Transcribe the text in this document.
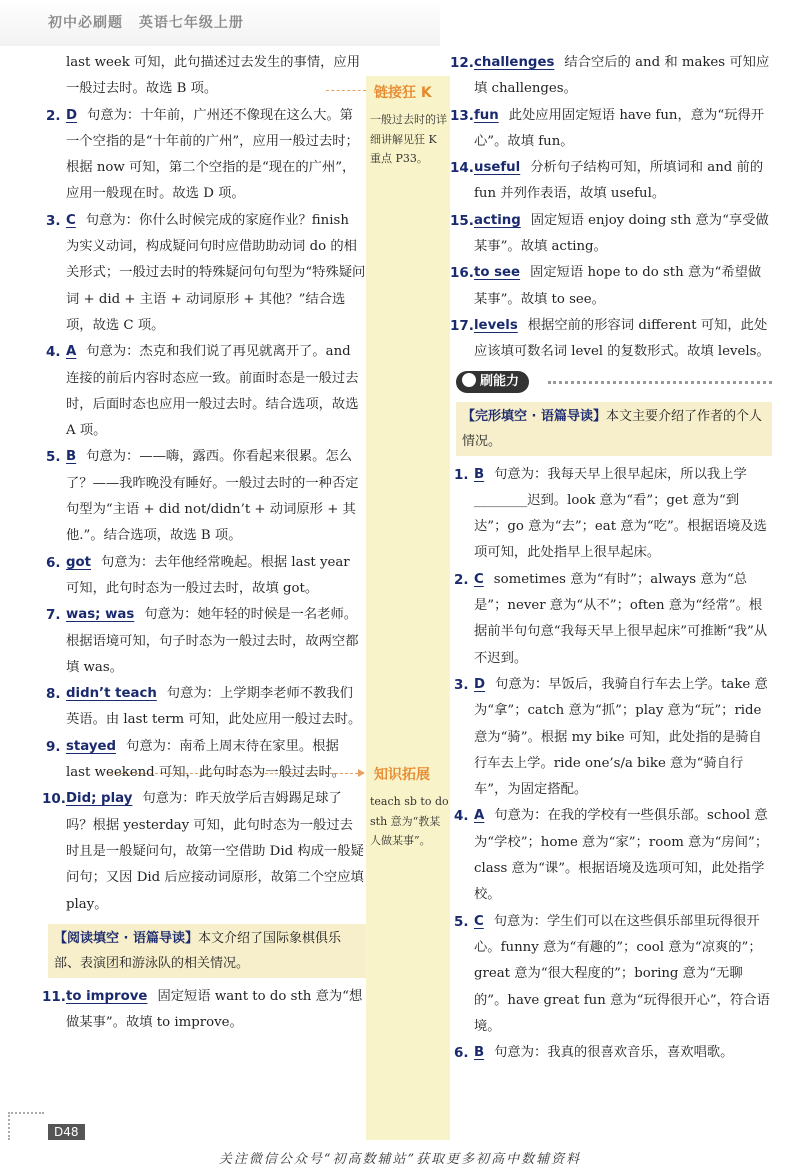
初中必刷题 英语七年级上册
链接狂 K
一般过去时的详细讲解见狂 K 重点 P33。
知识拓展
teach sb to do sth 意为“教某人做某事”。
last week 可知，此句描述过去发生的事情，应用一般过去时。故选 B 项。
2. D 句意为：十年前，广州还不像现在这么大。第一个空指的是“十年前的广州”，应用一般过去时；根据 now 可知，第二个空指的是“现在的广州”，应用一般现在时。故选 D 项。
3. C 句意为：你什么时候完成的家庭作业？finish 为实义动词，构成疑问句时应借助助动词 do 的相关形式；一般过去时的特殊疑问句句型为“特殊疑问词 + did + 主语 + 动词原形 + 其他？”结合选项，故选 C 项。
4. A 句意为：杰克和我们说了再见就离开了。and 连接的前后内容时态应一致。前面时态是一般过去时，后面时态也应用一般过去时。结合选项，故选 A 项。
5. B 句意为：——嗨，露西。你看起来很累。怎么了？——我昨晚没有睡好。一般过去时的一种否定句型为“主语 + did not/didn’t + 动词原形 + 其他.”。结合选项，故选 B 项。
6. got 句意为：去年他经常晚起。根据 last year 可知，此句时态为一般过去时，故填 got。
7. was; was 句意为：她年轻的时候是一名老师。根据语境可知，句子时态为一般过去时，故两空都填 was。
8. didn’t teach 句意为：上学期李老师不教我们英语。由 last term 可知，此处应用一般过去时。
9. stayed 句意为：南希上周末待在家里。根据 last weekend 可知，此句时态为一般过去时。
10. Did; play 句意为：昨天放学后吉姆踢足球了吗？根据 yesterday 可知，此句时态为一般过去时且是一般疑问句，故第一空借助 Did 构成一般疑问句；又因 Did 后应接动词原形，故第二个空应填 play。
【阅读填空 · 语篇导读】本文介绍了国际象棋俱乐部、表演团和游泳队的相关情况。
11. to improve 固定短语 want to do sth 意为“想做某事”。故填 to improve。
12. challenges 结合空后的 and 和 makes 可知应填 challenges。
13. fun 此处应用固定短语 have fun，意为“玩得开心”。故填 fun。
14. useful 分析句子结构可知，所填词和 and 前的 fun 并列作表语，故填 useful。
15. acting 固定短语 enjoy doing sth 意为“享受做某事”。故填 acting。
16. to see 固定短语 hope to do sth 意为“希望做某事”。故填 to see。
17. levels 根据空前的形容词 different 可知，此处应该填可数名词 level 的复数形式。故填 levels。
刷能力
【完形填空 · 语篇导读】本文主要介绍了作者的个人情况。
1. B 句意为：我每天早上很早起床，所以我上学________迟到。look 意为“看”；get 意为“到达”；go 意为“去”；eat 意为“吃”。根据语境及选项可知，此处指早上很早起床。
2. C sometimes 意为“有时”；always 意为“总是”；never 意为“从不”；often 意为“经常”。根据前半句句意“我每天早上很早起床”可推断“我”从不迟到。
3. D 句意为：早饭后，我骑自行车去上学。take 意为“拿”；catch 意为“抓”；play 意为“玩”；ride 意为“骑”。根据 my bike 可知，此处指的是骑自行车去上学。ride one’s/a bike 意为“骑自行车”，为固定搭配。
4. A 句意为：在我的学校有一些俱乐部。school 意为“学校”；home 意为“家”；room 意为“房间”；class 意为“课”。根据语境及选项可知，此处指学校。
5. C 句意为：学生们可以在这些俱乐部里玩得很开心。funny 意为“有趣的”；cool 意为“凉爽的”；great 意为“很大程度的”；boring 意为“无聊的”。have great fun 意为“玩得很开心”，符合语境。
6. B 句意为：我真的很喜欢音乐，喜欢唱歌。
D48
关注微信公众号“初高数辅站”获取更多初高中数辅资料
